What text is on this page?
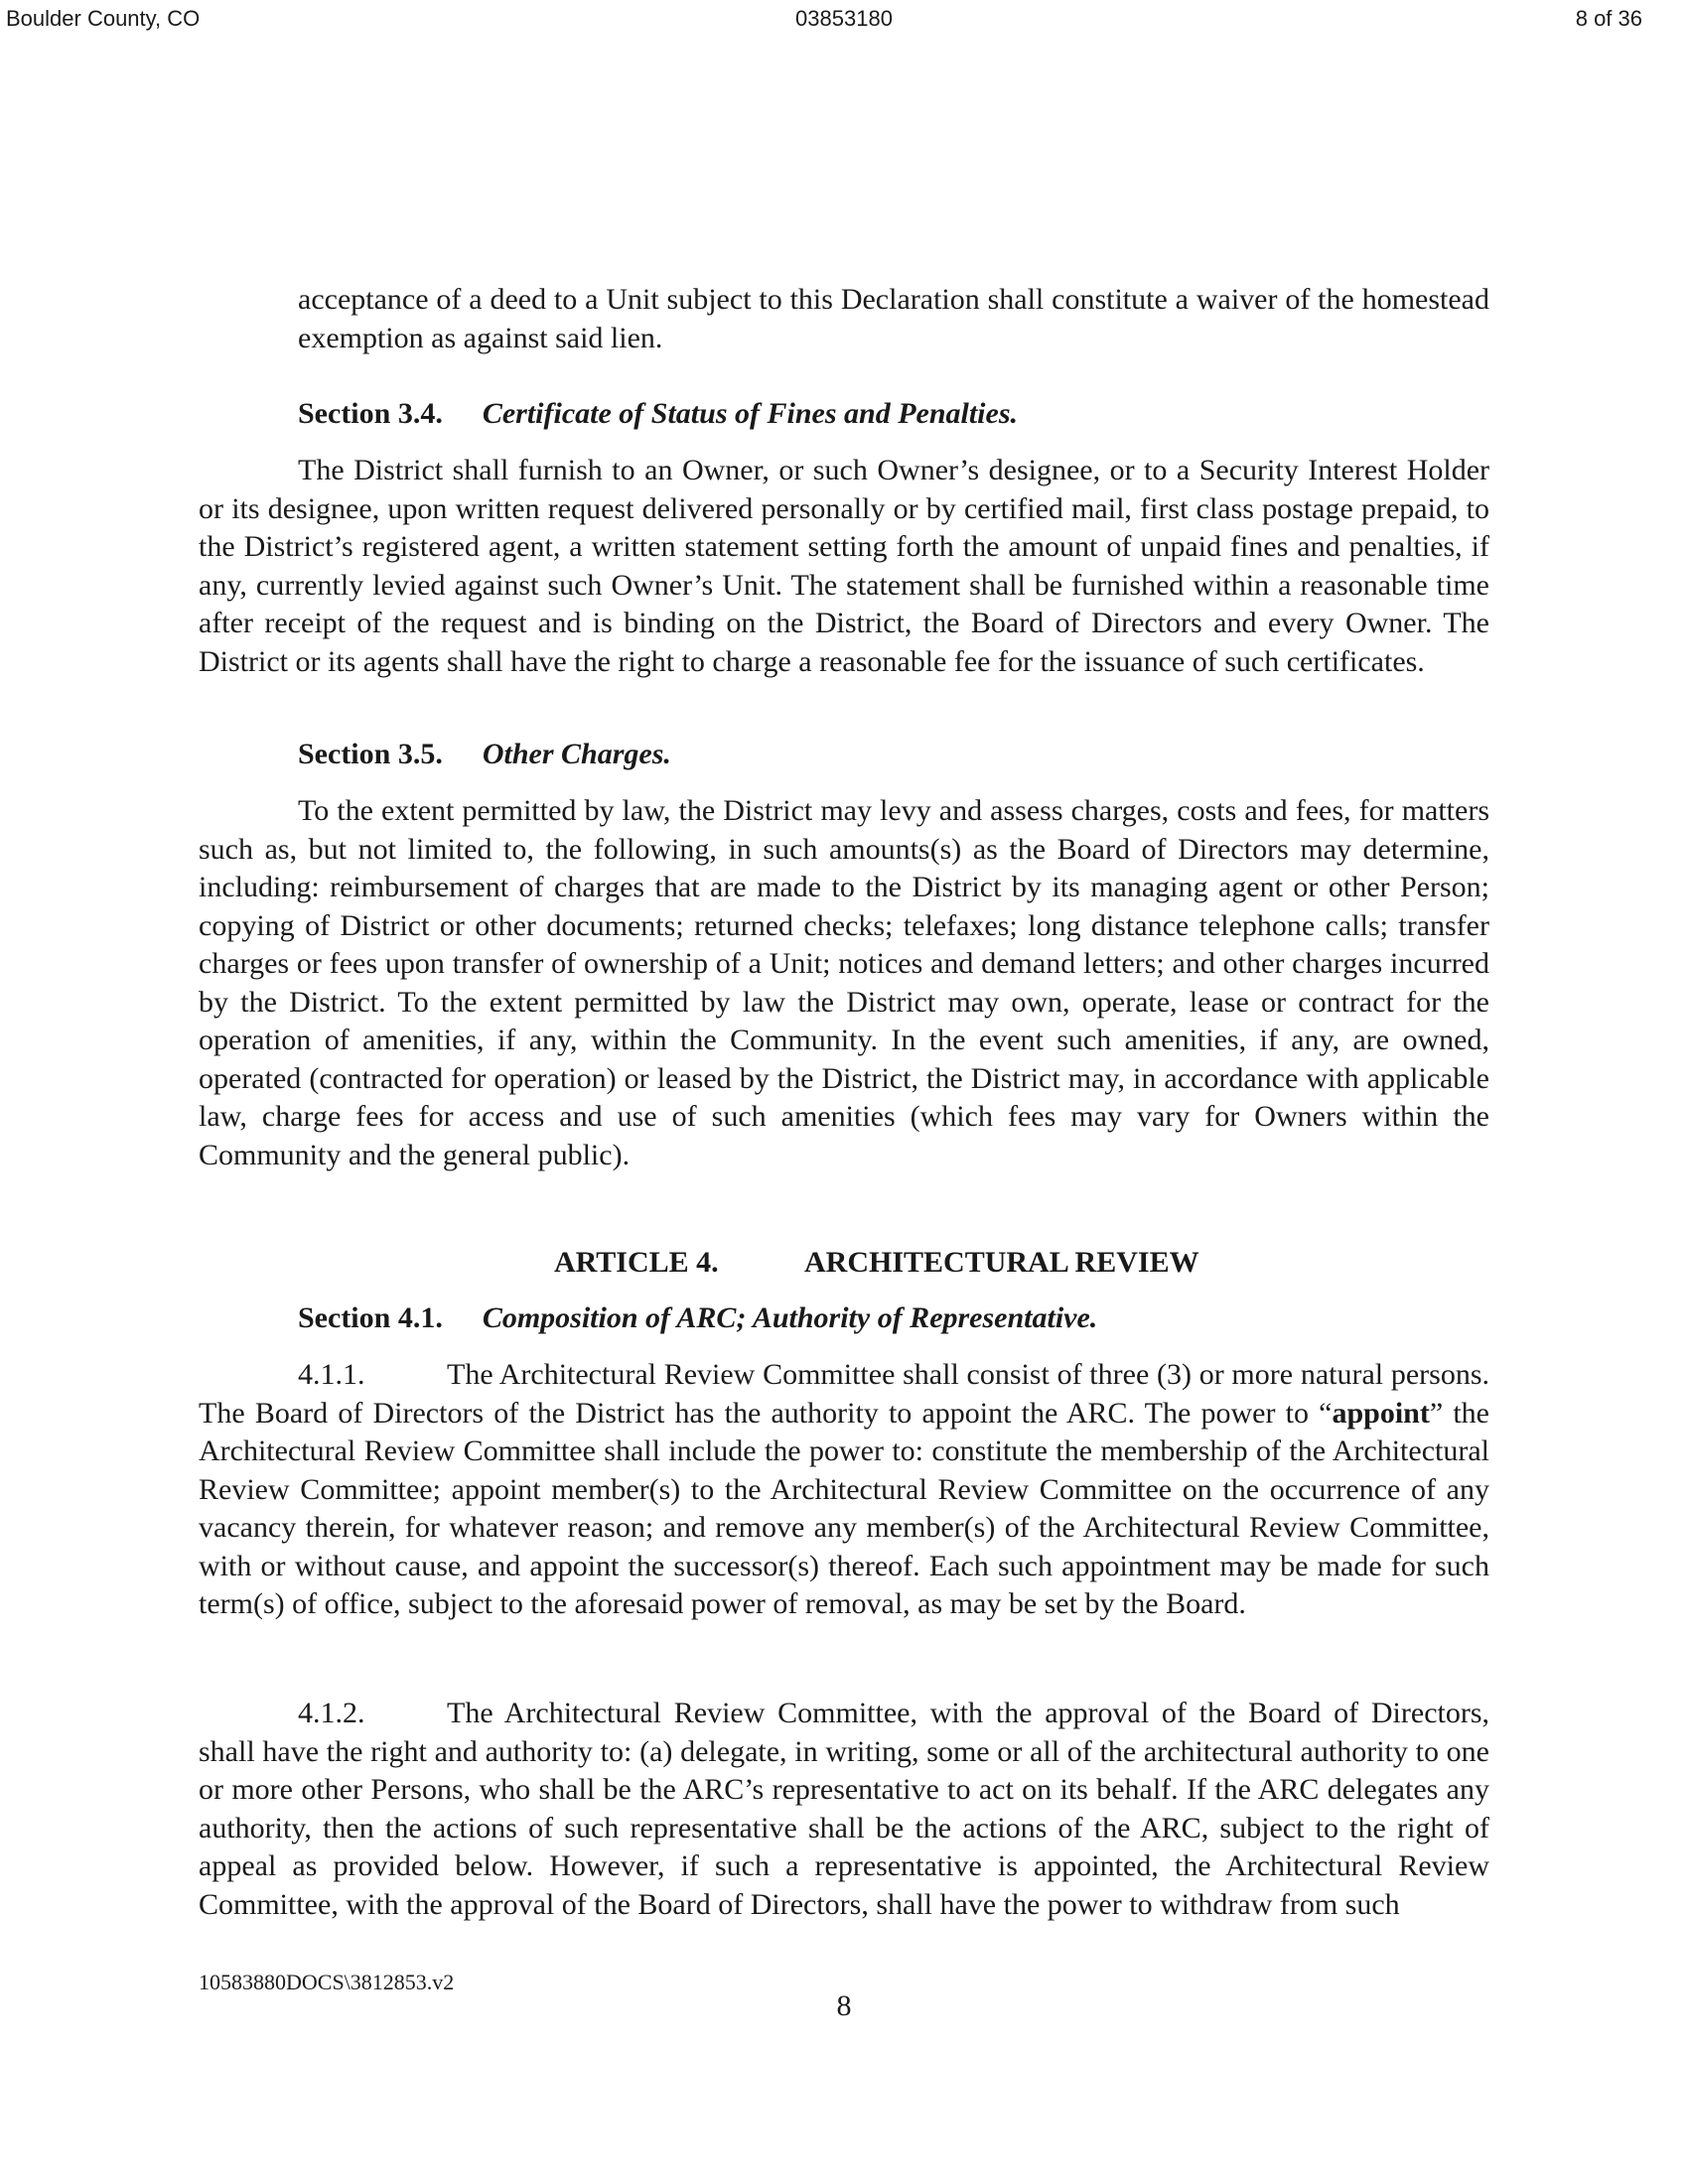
Boulder County, CO	03853180	8 of 36

acceptance of a deed to a Unit subject to this Declaration shall constitute a waiver of the homestead exemption as against said lien.

Section 3.4. Certificate of Status of Fines and Penalties.

The District shall furnish to an Owner, or such Owner’s designee, or to a Security Interest Holder or its designee, upon written request delivered personally or by certified mail, first class postage prepaid, to the District’s registered agent, a written statement setting forth the amount of unpaid fines and penalties, if any, currently levied against such Owner’s Unit. The statement shall be furnished within a reasonable time after receipt of the request and is binding on the District, the Board of Directors and every Owner. The District or its agents shall have the right to charge a reasonable fee for the issuance of such certificates.

Section 3.5. Other Charges.

To the extent permitted by law, the District may levy and assess charges, costs and fees, for matters such as, but not limited to, the following, in such amounts(s) as the Board of Directors may determine, including: reimbursement of charges that are made to the District by its managing agent or other Person; copying of District or other documents; returned checks; telefaxes; long distance telephone calls; transfer charges or fees upon transfer of ownership of a Unit; notices and demand letters; and other charges incurred by the District. To the extent permitted by law the District may own, operate, lease or contract for the operation of amenities, if any, within the Community. In the event such amenities, if any, are owned, operated (contracted for operation) or leased by the District, the District may, in accordance with applicable law, charge fees for access and use of such amenities (which fees may vary for Owners within the Community and the general public).

ARTICLE 4.	ARCHITECTURAL REVIEW

Section 4.1. Composition of ARC; Authority of Representative.

4.1.1.	The Architectural Review Committee shall consist of three (3) or more natural persons. The Board of Directors of the District has the authority to appoint the ARC. The power to “appoint” the Architectural Review Committee shall include the power to: constitute the membership of the Architectural Review Committee; appoint member(s) to the Architectural Review Committee on the occurrence of any vacancy therein, for whatever reason; and remove any member(s) of the Architectural Review Committee, with or without cause, and appoint the successor(s) thereof. Each such appointment may be made for such term(s) of office, subject to the aforesaid power of removal, as may be set by the Board.

4.1.2.	The Architectural Review Committee, with the approval of the Board of Directors, shall have the right and authority to: (a) delegate, in writing, some or all of the architectural authority to one or more other Persons, who shall be the ARC’s representative to act on its behalf. If the ARC delegates any authority, then the actions of such representative shall be the actions of the ARC, subject to the right of appeal as provided below. However, if such a representative is appointed, the Architectural Review Committee, with the approval of the Board of Directors, shall have the power to withdraw from such

10583880DOCS\3812853.v2
8
